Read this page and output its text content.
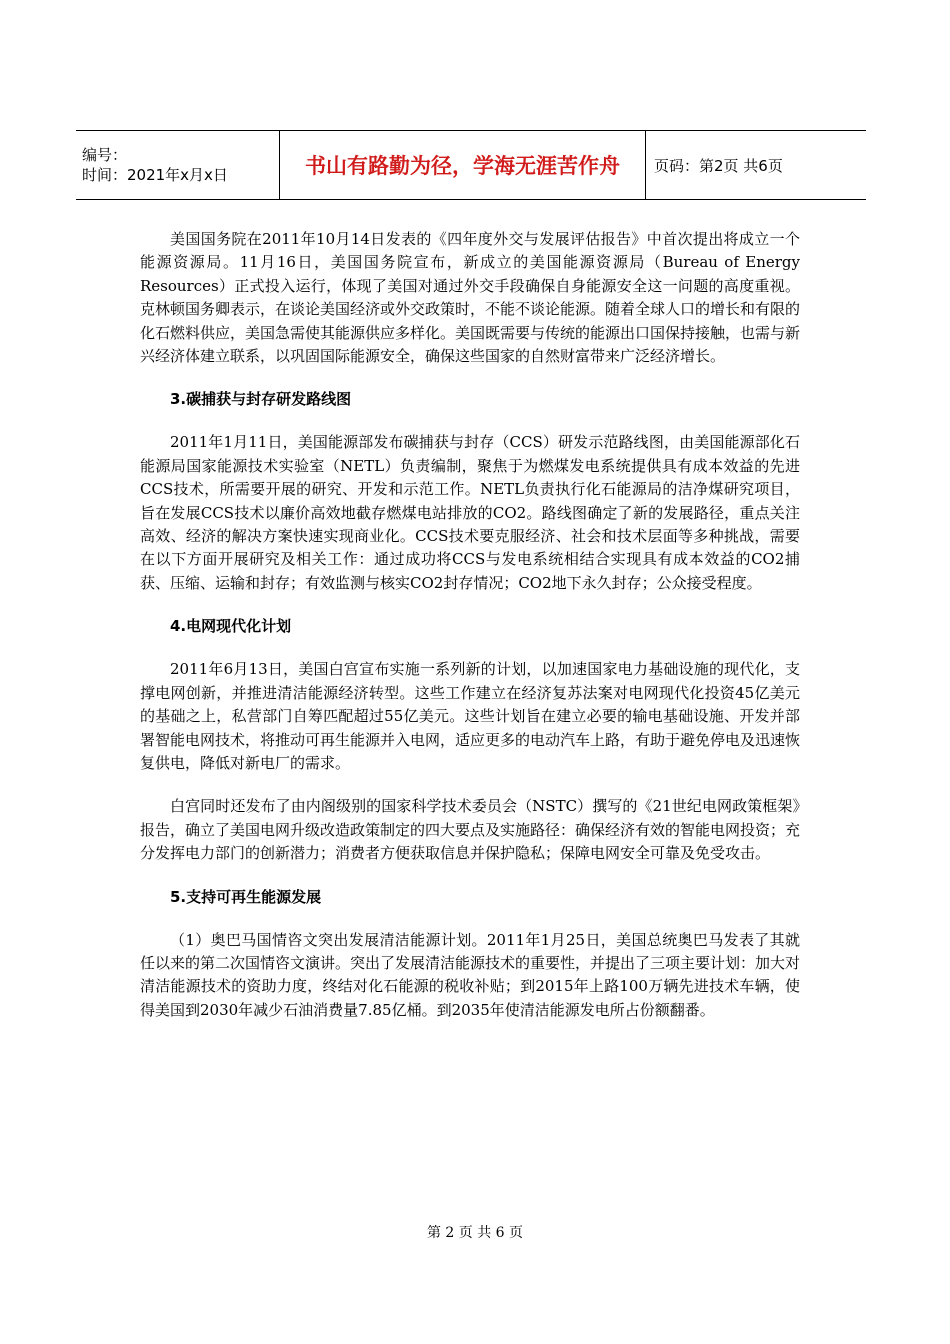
编号：
时间：2021年x月x日	书山有路勤为径，学海无涯苦作舟 页码：第2页 共6页

美国国务院在2011年10月14日发表的《四年度外交与发展评估报告》中首次提出将成立一个能源资源局。11月16日，美国国务院宣布，新成立的美国能源资源局（Bureau of Energy Resources）正式投入运行，体现了美国对通过外交手段确保自身能源安全这一问题的高度重视。克林顿国务卿表示，在谈论美国经济或外交政策时，不能不谈论能源。随着全球人口的增长和有限的化石燃料供应，美国急需使其能源供应多样化。美国既需要与传统的能源出口国保持接触，也需与新兴经济体建立联系，以巩固国际能源安全，确保这些国家的自然财富带来广泛经济增长。

3.碳捕获与封存研发路线图

2011年1月11日，美国能源部发布碳捕获与封存（CCS）研发示范路线图，由美国能源部化石能源局国家能源技术实验室（NETL）负责编制，聚焦于为燃煤发电系统提供具有成本效益的先进CCS技术，所需要开展的研究、开发和示范工作。NETL负责执行化石能源局的洁净煤研究项目，旨在发展CCS技术以廉价高效地截存燃煤电站排放的CO2。路线图确定了新的发展路径，重点关注高效、经济的解决方案快速实现商业化。CCS技术要克服经济、社会和技术层面等多种挑战，需要在以下方面开展研究及相关工作：通过成功将CCS与发电系统相结合实现具有成本效益的CO2捕获、压缩、运输和封存；有效监测与核实CO2封存情况；CO2地下永久封存；公众接受程度。

4.电网现代化计划

2011年6月13日，美国白宫宣布实施一系列新的计划，以加速国家电力基础设施的现代化，支撑电网创新，并推进清洁能源经济转型。这些工作建立在经济复苏法案对电网现代化投资45亿美元的基础之上，私营部门自筹匹配超过55亿美元。这些计划旨在建立必要的输电基础设施、开发并部署智能电网技术，将推动可再生能源并入电网，适应更多的电动汽车上路，有助于避免停电及迅速恢复供电，降低对新电厂的需求。

白宫同时还发布了由内阁级别的国家科学技术委员会（NSTC）撰写的《21世纪电网政策框架》报告，确立了美国电网升级改造政策制定的四大要点及实施路径：确保经济有效的智能电网投资；充分发挥电力部门的创新潜力；消费者方便获取信息并保护隐私；保障电网安全可靠及免受攻击。

5.支持可再生能源发展

（1）奥巴马国情咨文突出发展清洁能源计划。2011年1月25日，美国总统奥巴马发表了其就任以来的第二次国情咨文演讲。突出了发展清洁能源技术的重要性，并提出了三项主要计划：加大对清洁能源技术的资助力度，终结对化石能源的税收补贴；到2015年上路100万辆先进技术车辆，使得美国到2030年减少石油消费量7.85亿桶。到2035年使清洁能源发电所占份额翻番。

第 2 页 共 6 页
